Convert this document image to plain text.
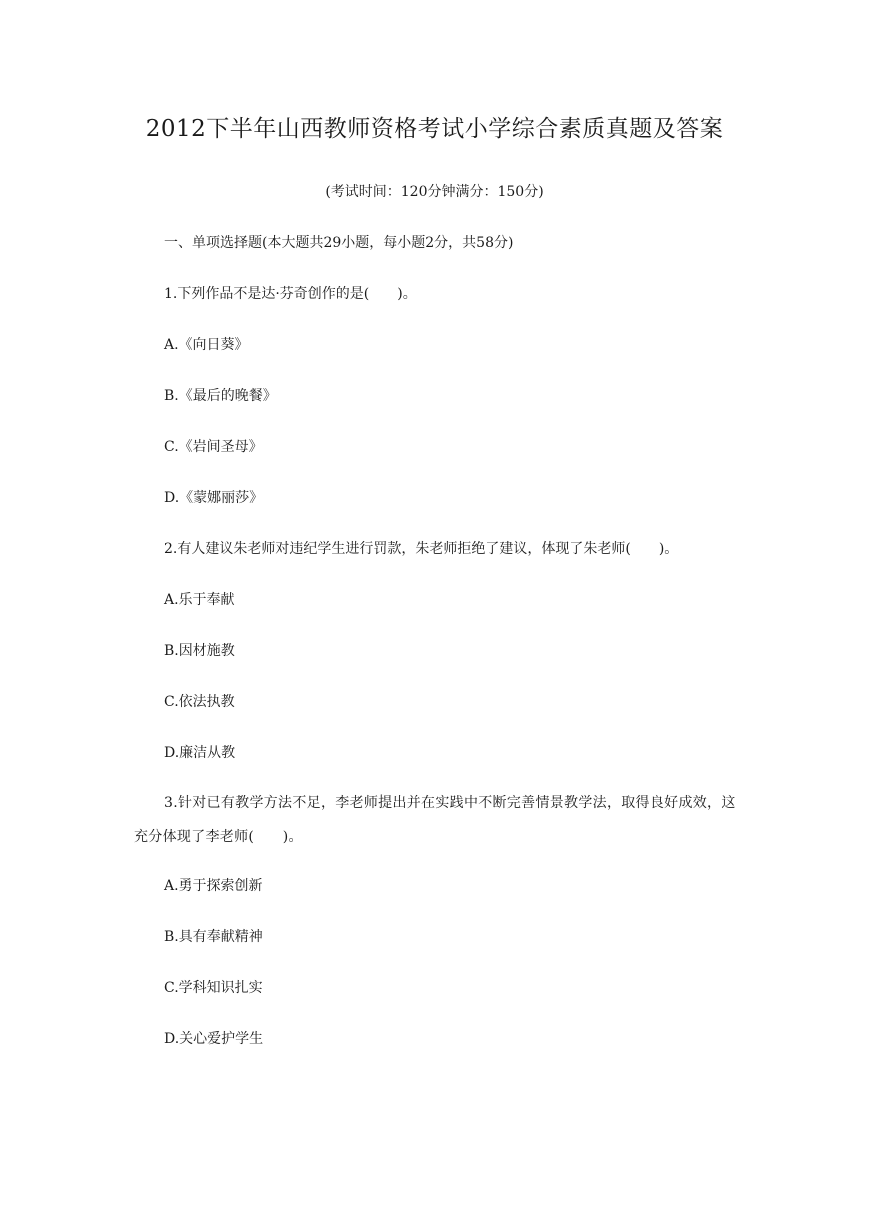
2012下半年山西教师资格考试小学综合素质真题及答案
(考试时间：120分钟满分：150分)
一、单项选择题(本大题共29小题，每小题2分，共58分)
1.下列作品不是达·芬奇创作的是(　　)。
A.《向日葵》
B.《最后的晚餐》
C.《岩间圣母》
D.《蒙娜丽莎》
2.有人建议朱老师对违纪学生进行罚款，朱老师拒绝了建议，体现了朱老师(　　)。
A.乐于奉献
B.因材施教
C.依法执教
D.廉洁从教
3.针对已有教学方法不足，李老师提出并在实践中不断完善情景教学法，取得良好成效，这充分体现了李老师(　　)。
A.勇于探索创新
B.具有奉献精神
C.学科知识扎实
D.关心爱护学生
